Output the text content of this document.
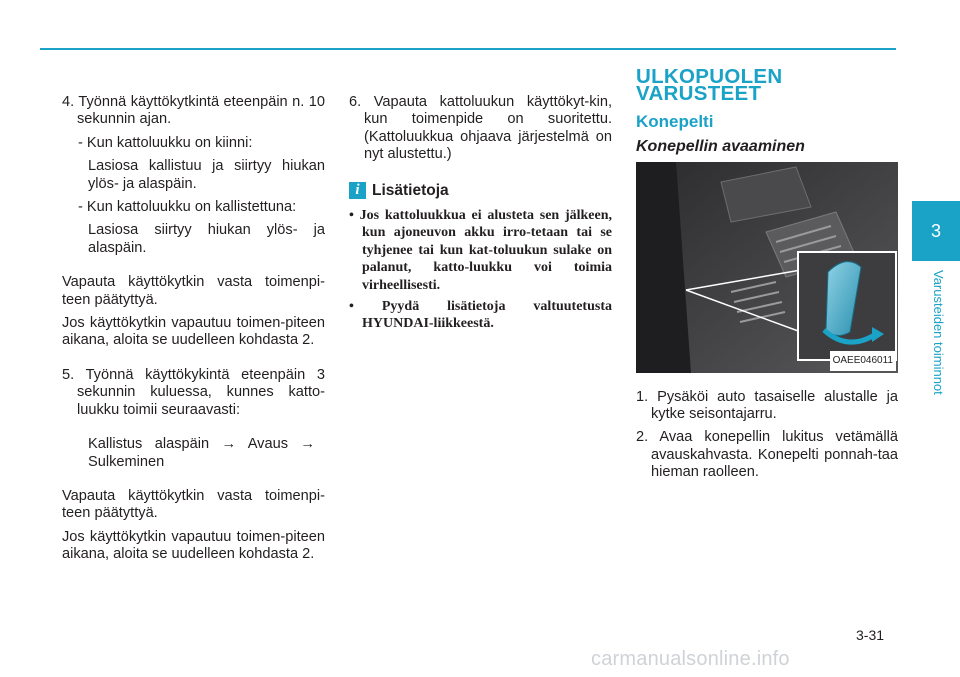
4. Työnnä käyttökytkintä eteenpäin n. 10 sekunnin ajan.

- Kun kattoluukku on kiinni:

Lasiosa kallistuu ja siirtyy hiukan ylös- ja alaspäin.

- Kun kattoluukku on kallistettuna:

Lasiosa siirtyy hiukan ylös- ja alaspäin.

Vapauta käyttökytkin vasta toimenpi-teen päätyttyä.

Jos käyttökytkin vapautuu toimen-piteen aikana, aloita se uudelleen kohdasta 2.

5. Työnnä käyttökykintä eteenpäin 3 sekunnin kuluessa, kunnes katto-luukku toimii seuraavasti:

Kallistus alaspäin → Avaus → Sulkeminen

Vapauta käyttökytkin vasta toimenpi-teen päätyttyä.

Jos käyttökytkin vapautuu toimen-piteen aikana, aloita se uudelleen kohdasta 2.

6. Vapauta kattoluukun käyttökyt-kin, kun toimenpide on suoritettu. (Kattoluukkua ohjaava järjestelmä on nyt alustettu.)

i Lisätietoja

• Jos kattoluukkua ei alusteta sen jälkeen, kun ajoneuvon akku irro-tetaan tai se tyhjenee tai kun kat-toluukun sulake on palanut, katto-luukku voi toimia virheellisesti.

• Pyydä lisätietoja valtuutetusta HYUNDAI-liikkeestä.

ULKOPUOLEN VARUSTEET
Konepelti
Konepellin avaaminen
OAEE046011

1. Pysäköi auto tasaiselle alustalle ja kytke seisontajarru.

2. Avaa konepellin lukitus vetämällä avauskahvasta. Konepelti ponnah-taa hieman raolleen.

3
Varusteiden toiminnot
3-31
carmanualsonline.info
